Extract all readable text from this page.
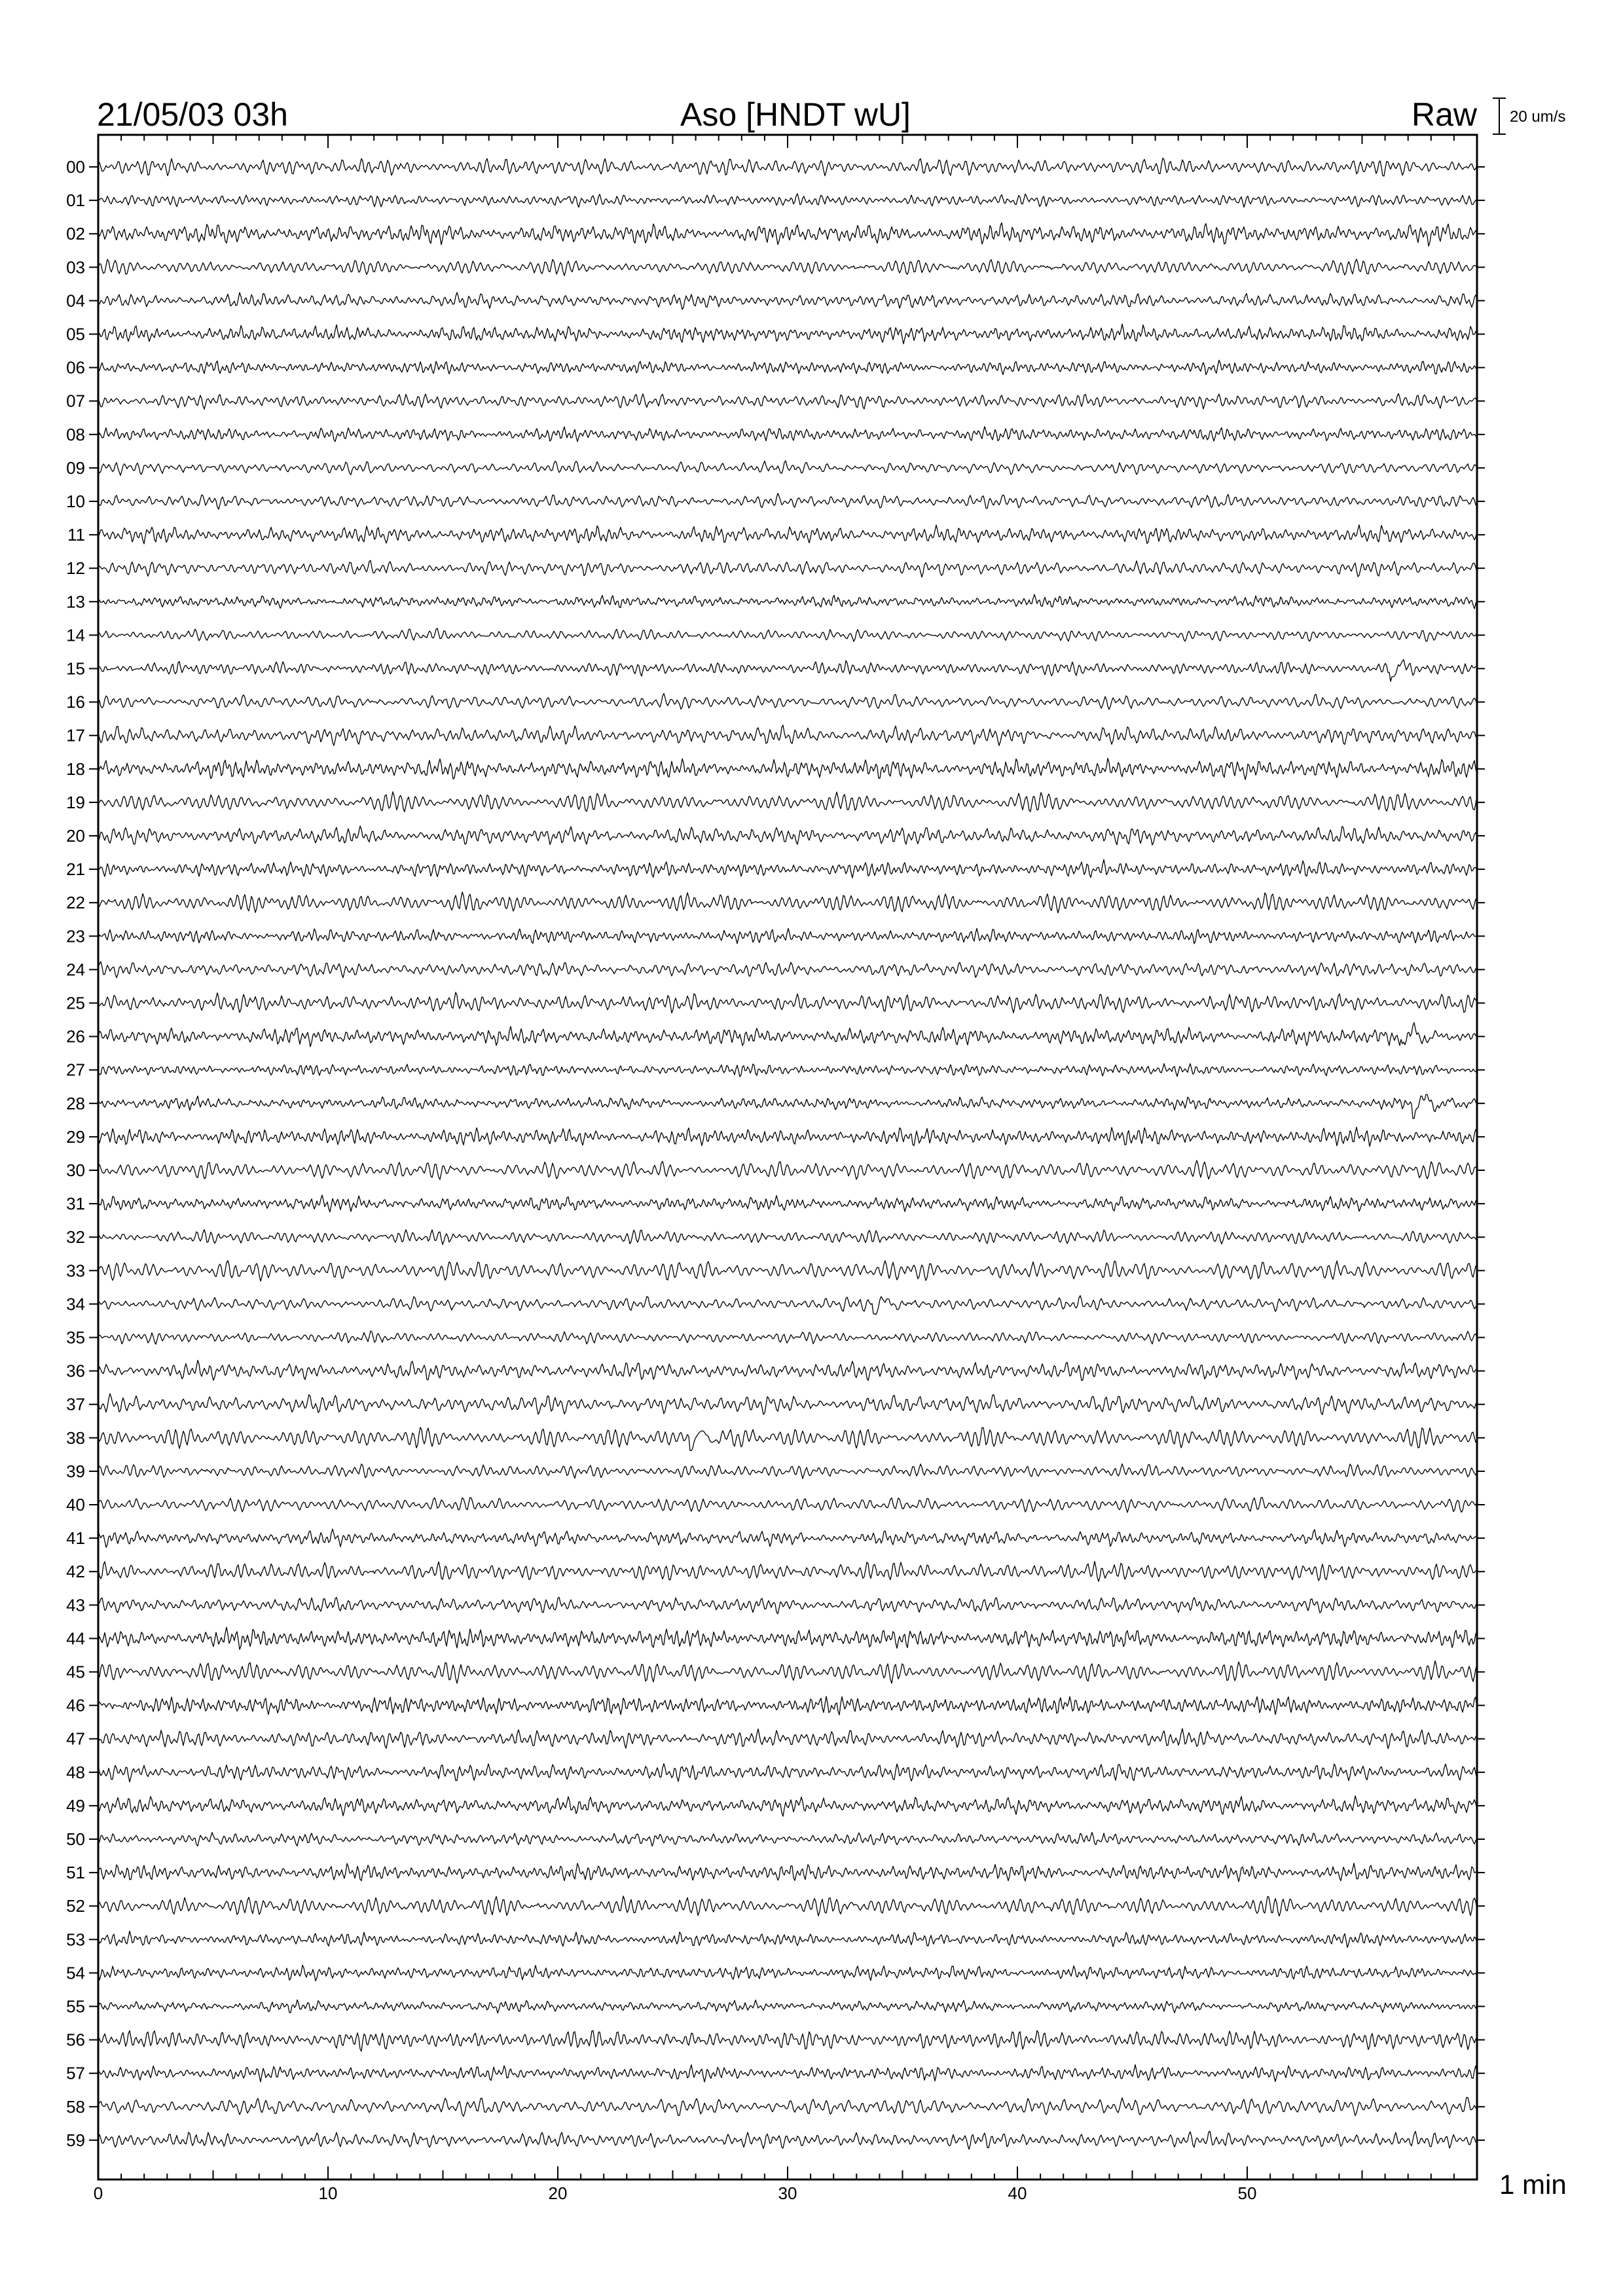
21/05/03 03h	Aso [HNDT wU]	Raw 20 um/s
00
01
02
03
04
05
06
07
08
09
10
11
12
13
14
15
16
17
18
19
20
21
22
23
24
25
26
27
28
29
30
31
32
33
34
35
36
37
38
39
40
41
42
43
44
45
46
47
48
49
50
51
52
53
54
55
56
57
58
59
0	10	20	30	40	50	1 min
